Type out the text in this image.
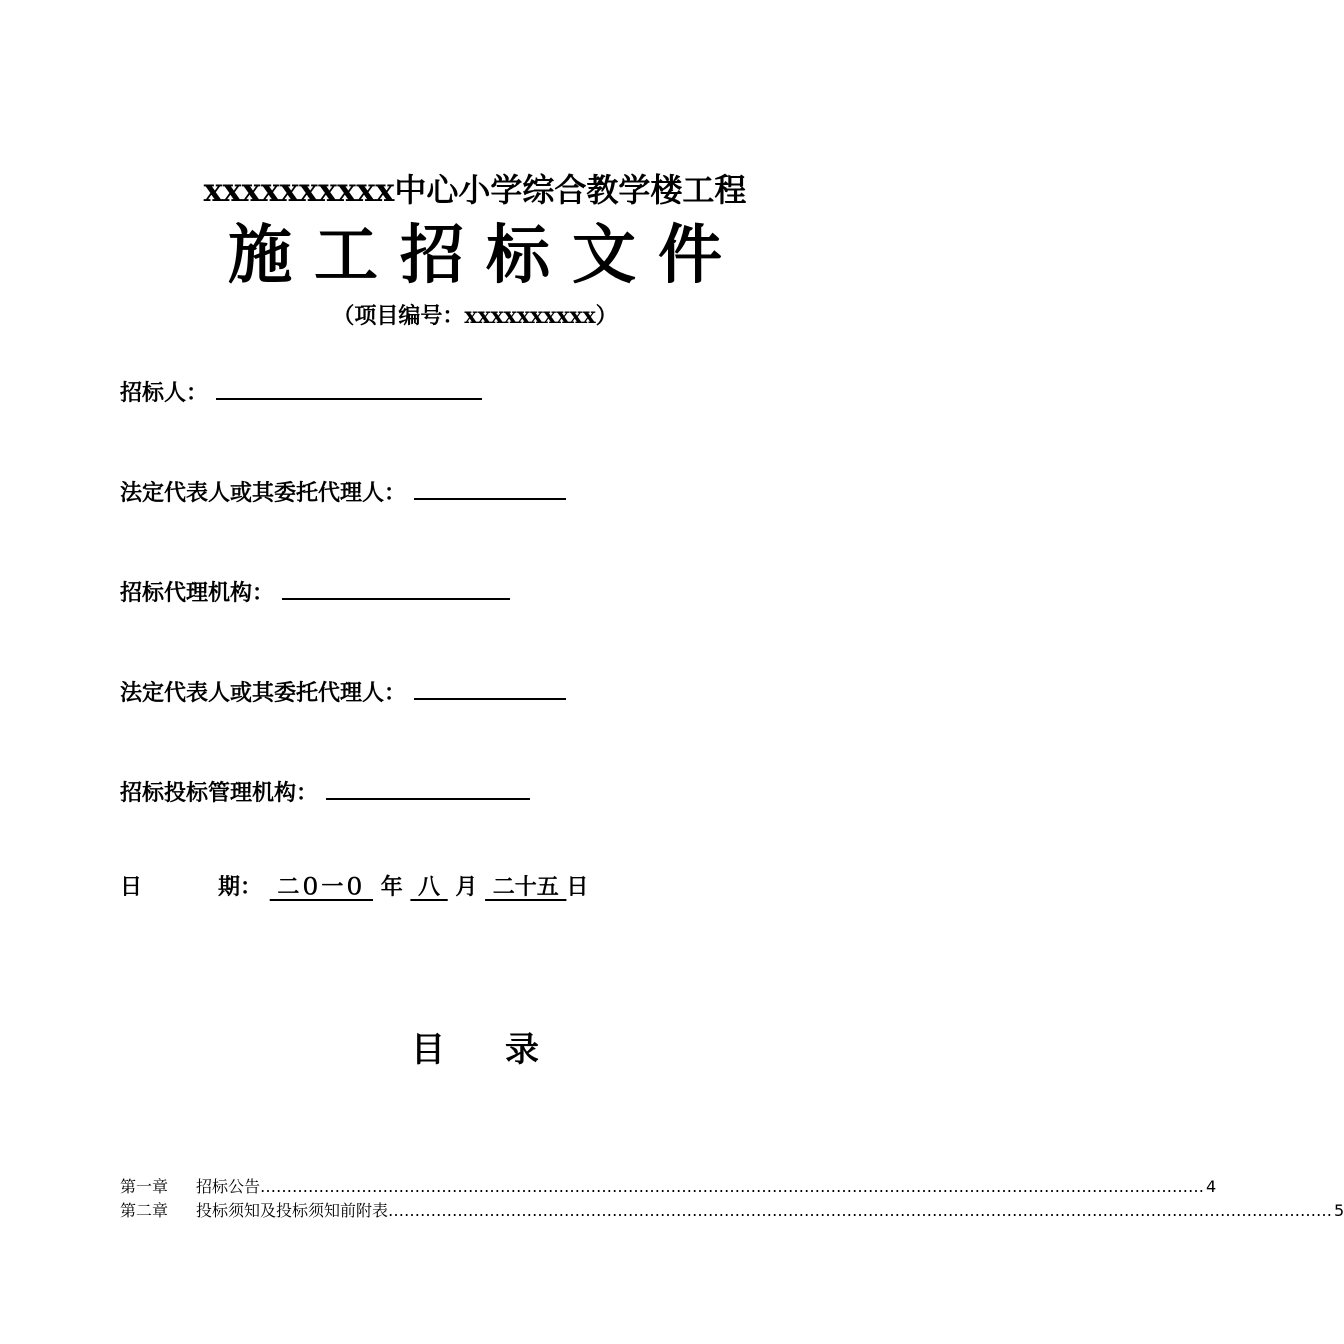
xxxxxxxxxx中心小学综合教学楼工程
施工招标文件
（项目编号：xxxxxxxxxx）
招标人：
法定代表人或其委托代理人：
招标代理机构：
法定代表人或其委托代理人：
招标投标管理机构：
日	期：  二０一０  年  八  月  二十五 日
目录
第一章	招标公告 …………………………………………………………………………………………………………………………………………………………… 4
第二章	投标须知及投标须知前附表 …………………………………………………………………………………………………………………………………………………………… 5
